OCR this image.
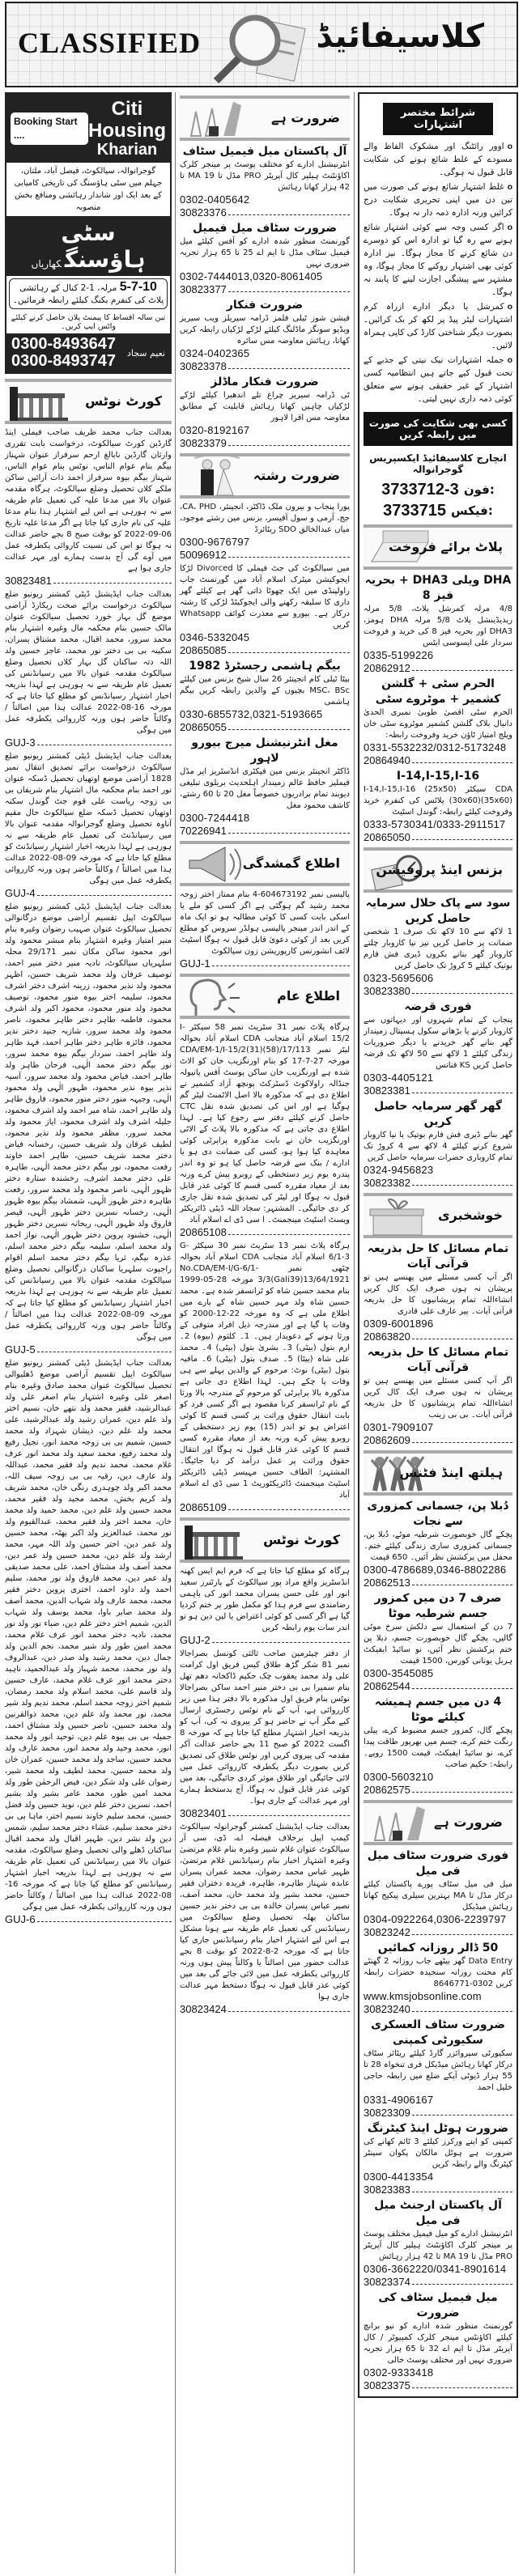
CLASSIFIED	کلاسیفائیڈ
Booking Start ....
Citi Housing
Kharian
گوجرانوالہ، سیالکوٹ، فیصل آباد، ملتان، جہلم میں سٹی ہاؤسنگ کی تاریخی کامیابی کے بعد ایک اور شاندار رہائشی ومنافع بخش منصوبہ
سٹی ہاؤسنگکھاریاں
5-7-10 مرلہ، 1-2 کنال کے رہائشی پلاٹ کی کنفرم بکنگ کیلئے رابطہ فرمائیں۔
تین سالہ اقساط کا پیمنٹ پلان حاصل کرنے کیلئے واٹس ایپ کریں۔
0300-8493647
0300-8493747	نعیم سجاد
کورٹ نوٹس
بعدالت جناب محمد ظریف صاحب فیملی اینڈ گارڈین کورٹ سیالکوٹ، درخواست بابت تقرری وارثان گارڈین نابالغ ارحم سرفراز عنوان شہناز بیگم بنام عوام الناس، نوٹس بنام عوام الناس، شہناز بیگم بیوہ سرفراز احمد ذات آرائیں ساکن ملکے کلاں تحصیل وضلع سیالکوٹ، ہرگاہ مقدمہ عنوان بالا میں مدعا علیہ کی تعمیل عام طریقہ سے نہ ہورہی ہے اس لیے اشتہار ہذا بنام مدعا علیہ کی نام جاری کیا جاتا ہے اگر مدعا علیہ تاریخ 06-09-2022 کو بوقت صبح 8 بجے حاضر عدالت نہ ہوگا تو اس کی نسبت کاروائی یکطرفہ عمل میں آوے گی آج بدست ہمارے اور مہر عدالت جاری ہوا ہے
30823481
بعدالت جناب ایڈیشنل ڈپٹی کمشنر ریونیو ضلع سیالکوٹ درخواست برائے صحت ریکارڈ آراضی موضع گل بہار خورد تحصیل سیالکوٹ عنوان مالک حسین بنام محکمہ مال وغیرہ اشتہار بنام محمد سرور، محمد اقبال، محمد مشتاق پسران، سکینہ بی بی دختر نور محمد، عاجز حسین ولد اللہ دتہ ساکنان گل بہار کلاں تحصیل وضلع سیالکوٹ مقدمہ عنوان بالا میں رسپانڈنس کی تعمیل عام طریقہ سے نہ ہورہی ہے لہذا بذریعہ اخبار اشتہار رسپانڈنس کو مطلع کیا جاتا ہے کہ مورخہ 16-08-2022 عدالت ہذا میں اصالتاً / وکالتاً حاضر ہوں ورنہ کارروائی یکطرفہ عمل میں ہوگی
GUJ-3
بعدالت جناب ایڈیشنل ڈپٹی کمشنر ریونیو ضلع سیالکوٹ درخواست برائے تصدیق انتقال نمبر 1828 آراضی موضع اوتھیاں تحصیل ڈسکہ عنوان نور احمد بنام محکمہ مال اشتہار بنام شریفاں بی بی زوجہ ریاست علی قوم جٹ گوندل سکنہ اوتھیاں تحصیل ڈسکہ ضلع سیالکوٹ حال مقیم آناوہ تحصیل وضلع گوجرانوالہ مقدمہ عنوان بالا میں رسپانڈنٹ کی تعمیل عام طریقہ سے نہ ہورہی ہے لہذا بذریعہ اخبار اشتہار رسپانڈنٹ کو مطلع کیا جاتا ہے کہ مورخہ 09-08-2022 عدالت ہذا میں اصالتاً / وکالتاً حاضر ہوں ورنہ کارروائی یکطرفہ عمل میں ہوگی
GUJ-4
بعدالت جناب ایڈیشنل ڈپٹی کمشنر ریونیو ضلع سیالکوٹ اپیل تقسیم آراضی موضع درگانوالی تحصیل سیالکوٹ عنوان صہیب رضوان وغیرہ بنام منیر امتیاز وغیرہ اشتہار بنام مبشر محمود ولد انور محمود ساکن مکان نمبر 29/171 محلہ سلہریاں سیالکوٹ، نادیہ منیر دختر منیر احمد، توصیف عرفان ولد محمد شریف حسین، اظہر محمود ولد نذیر محمود، زرینہ اشرف دختر اشرف محمود، سلیمہ اختر بیوہ منور محمود، توصیف محمود ولد منور محمود، محمود اکبر ولد اشرف محمود، فاطمہ طاہر دختر طاہر محمود، ناصر محمود ولد محمد سرور، شازیہ جنید دختر نذیر محمود، فائزہ طاہر دختر طاہر احمد، فہد طاہر ولد طاہر احمد، سردار بیگم بیوہ محمد سرور، نور بیگم دختر محمد الٰہی، فرحان طاہر ولد طاہر احمد، فیاض محمود ولد محمد سرور، آسیہ نذیر بیوہ نذیر محمود، ظہور الٰہی ولد محمود الٰہی، وجیہہ منور دختر منور محمود، فاروق طاہر ولد طاہر احمد، شاہ میر احمد ولد اشرف محمود، جلیلہ اشرف ولد اشرف محمود، ایاز محمود ولد محمد سرور، مظفر محمود ولد نذیر محمود، لطیف عرفان ولد شریف حسین، رخسانہ فیاض دختر محمد شریف حسین، طاہر احمد خاوند رفعت محمود، نور بیگم دختر محمد الٰہی، طاہرہ علی دختر محمد اشرف، رخشندہ ستارہ دختر ظہور الٰہی، ناصر محمود ولد محمد سرور، رفعت طاہرہ دختر ظہور الٰہی، شمشاد بیگم بیوہ ظہور الٰہی، رخسانہ نسرین دختر ظہور الٰہی، قیصر فاروق ولد ظہور الٰہی، ریحانہ نسرین دختر ظہور الٰہی، خشنود پروین دختر ظہور الٰہی، نواز احمد ولد محمد اسلم، سلیمہ بیگم دختر محمد اسلم، عذرہ بیگم، ثریا بیگم دختر محمد اسلم اقوام راجپوت سلہریا ساکنان درگانوالی تحصیل وضلع سیالکوٹ مقدمہ عنوان بالا میں رسپانڈنس کی تعمیل عام طریقہ سے نہ ہورہی ہے لہذا بذریعہ اخبار اشتہار رسپانڈنس کو مطلع کیا جاتا ہے کہ مورخہ 09-08-2022 عدالت ہذا میں اصالتاً / وکالتاً حاضر ہوں ورنہ کارروائی یکطرفہ عمل میں ہوگی
GUJ-5
بعدالت جناب ایڈیشنل ڈپٹی کمشنر ریونیو ضلع سیالکوٹ اپیل تقسیم آراضی موضع ڈھلیوالی تحصیل سیالکوٹ عنوان محمد صادق وغیرہ بنام اصغر علی وغیرہ اشتہار بنام اصغر علی ولد عبدالرشید، فقیر محمد ولد نتھے خان، نسیم اختر ولد علم دین، عمران رشید ولد عبدالرشید، علی محمد ولد علم دین، ذیشان شہزاد ولد محمد حسین، شمیم بی بی زوجہ محمد انور، نجیل رفیع ولد محمد رفیع، محمد سعید ولد محمد انور عرف غلام محمد، محمد ندیم ولد فقیر محمد، عبداللہ ولد عارف دین، رقیہ بی بی زوجہ سیف اللہ، محمد اکبر ولد چوہدری رنگی خان، محمد شریف ولد کریم بخش، محمد مجید ولد فقیر محمد، محمد حسین ولد علم دین، محمد حمید ولد محمد خان، محمد اختر ولد فقیر محمد، عبدالقیوم ولد نور محمد، عبدالعزیز ولد اکبر بھٹہ، محمد حسین ولد عمر دین، اختر حسین ولد اللہ مہر، محمد ارشد ولد علم دین، محمد حسین ولد عمر دین، محمد آصف ولد مشتاق احمد، علی محمد صدیقی ولد عمر دین، محمد فاروق ولد نور محمد، سلیم احمد ولد داود احمد، اختری پروین دختر فقیر محمد، محمد عارف ولد شہاب الدین، محمد آصف ولد محمد صابر باوا، محمد یوسف ولد شہاب الدین، شمیم اختر دختر علم دین، ضیاء نور ولد نور محمد، نادیہ دختر محمد انور عرف غلام محمد، محمد امین طور ولد شیر محمد، نجم الدین ولد جمال دین، محمد رشید ولد صدر دین، عبدالروف ولد نور محمد، محمد شہباز ولد عبدالحمید، ناہید دختر محمد انور عرف غلام محمد، عارف حسین ولد قاسم علی، محمد اسلام ولد محمد رمضان، شمیم اختر زوجہ محمد اسلم، محمد ندیم ولد شیر محمد، نور محمد ولد علم دین، محمد ذوالقرنین ولد محمد حسین، ناصر حسین ولد مشتاق احمد، جمیلہ بی بی بیوہ علم دین، توحید انور ولد محمد انور، محمد وحید ولد محمد انور، محمد عارف ولد محمد حسین، ساجد ولد محمد حسین، عمران خان ولد محمد حسین، محمد لطیف ولد محمد شیر، رضوان علی ولد شکر دین، فیض الرحمٰن طور ولد محمد امین طور، محمد عامر بشیر ولد بشیر احمد، نسرین دختر علم دین، نوید حسین ولد فضل حسین، محمد سلیم خاوند نسیم اختر، ماہا بی بی دختر محمد سلیم، عشاء دختر محمد سلیم، شمس دین ولد نشر دین، ظہیر اقبال ولد محمد اقبال ساکنان ڈھلے والی تحصیل وضلع سیالکوٹ، مقدمہ عنوان بالا میں رسپانڈنس کی تعمیل عام طریقہ سے نہ ہورہی ہے لہذا بذریعہ اخبار اشتہار رسپانڈنس کو مطلع کیا جاتا ہے کہ مورخہ 16-08-2022 عدالت ہذا میں اصالتاً / وکالتاً حاضر ہوں ورنہ کارروائی یکطرفہ عمل میں ہوگی
GUJ-6
ضرورت ہے
آل پاکستان میل فیمیل سٹاف
انٹرنیشنل ادارے کو مختلف پوسٹ پر مینجر کلرک اکاؤنٹنٹ ہیلپر کال آپریٹر PRO مڈل تا MA 19 تا 42 ہزار کھانا رہائش
0302-0405642
30823376
ضرورت سٹاف میل فیمیل
گورنمنٹ منظور شدہ ادارے کو آفس کیلئے میل فیمیل سٹاف مڈل تا ایم اے 25 تا 65 ہزار تجربہ ضروری نہیں
0302-7444013,0320-8061405
30823377
ضرورت فنکار
فیشن شوز ٹیلی فلمز ڈرامہ سیریلز ویب سیریز ویڈیو سونگز ماڈلنگ کیلئے لڑکے لڑکیاں رابطہ کریں کھانا، رہائش معاوضہ مس سائرہ
0324-0402365
30823378
ضرورت فنکار ماڈلز
ٹی ڈرامہ سیریز چراغ تلے اندھیرا کیلئے لڑکے لڑکیاں چاہیں کھانا رہائش قابلیت کے مطابق معاوضہ مس اقرا لاہور
0320-8192167
30823379
ضرورت رشتہ
پورا پنجاب و بیرون ملک ڈاکٹر، انجینئر، CA، PHD، جج، آرمی و سول آفیسر، بزنس مین رشتے موجود، میاں عبدالخالق SDO ریٹائرڈ
0300-9676797
50096912
میں سیالکوٹ کی جٹ فیملی کا Divorced لڑکا ایجوکیشن میٹرک اسلام آباد میں گورنمنٹ جاب راولپنڈی میں ایک چھوٹا ذاتی گھر ہے کیلئے گھر داری کا سلیقہ رکھنے والی ایجوکیٹڈ لڑکی کا رشتہ درکار ہے۔ بیورو سے معذرت کوائف Whatsapp کریں
0346-5332045
20865085
بیگم ہاشمی رجسٹرڈ 1982
بیٹا ٹیلی کام انجینئر 26 سال شیخ بزنس مین کیلئے MSC، BSc بچیوں کے والدین رابطہ کریں بیگم ہاشمی
0330-6855732,0321-5193665
20865055
مغل انٹرنیشنل میرج بیورو لاہور
ڈاکٹر انجینئر بزنس مین فیکٹری انڈسٹریز اپر مڈل فیملیز حافظ عالم زمیندار اہلحدیث بریلوی تبلیغی دیوبند تمام برادریوں خصوصاً مغل 20 تا 60 رشتے، کاشف محمود مغل
0300-7244418
70226941
اطلاع گمشدگی
پالیسی نمبر 604673192-4 بنام ممتاز اختر زوجہ محمد رشید گم ہوگئی ہے اگر کسی کو ملے یا اسکی بابت کسی کا کوئی مطالبہ ہو تو ایک ماہ کے اندر اندر مینجر پالیسی ہولڈر سروس کو مطلع کریں بعد از کوئی دعویٰ قابل قبول نہ ہوگا اسٹیٹ لائف انشورنس کارپوریشن زون سیالکوٹ
GUJ-1
اطلاع عام
ہرگاہ پلاٹ نمبر 31 سٹریٹ نمبر 58 سیکٹر I-15/2 اسلام آباد منجانب CDA اسلام آباد بحوالہ لیٹر نمبر CDA/EM-1/I-15/2(31)(58)/17/113 مورخہ 27-7-17 کو بنام اورنگزیب خان کو الاٹ شدہ ہے اورنگزیب خان ساکن پوسٹ آفس پانیولہ جنڈالہ راولاکوٹ ڈسٹرکٹ پونچھ آزاد کشمیر نے اطلاع دی ہے کہ مذکورہ بالا اصل الاٹمنٹ لیٹر گم ہوگیا ہے اور اس کی تصدیق شدہ نقل CTC حاصل کرنے کیلئے دفتر سے رجوع کیا ہے۔ لہذا اطلاع دی جاتی ہے کہ مذکورہ بالا پلاٹ کے الاٹی اورنگزیب خان نے بابت مذکورہ پراپرٹی کوئی معاہدہ کیا ہوا ہو، کسی کی ضمانت دی ہو یا ادارے / بنک سے قرضہ حاصل کیا ہو تو وہ اندر پندرہ یوم زیر دستخطی کے روبرو پیش کرے ورنہ بعد از معیاد مقررہ کسی قسم کا کوئی عذر قابل قبول نہ ہوگا اور لیٹر کی تصدیق شدہ نقل جاری کر دی جائیگی۔ المشتہر: سجاد اللہ ڈپٹی ڈائریکٹر ویسٹ اسٹیٹ مینجمنٹ۔ ا سی ڈی اے اسلام آباد
20865108
ہرگاہ پلاٹ نمبر 13 سٹریٹ نمبر 30 سیکٹر G-6/1-3 اسلام آباد منجانب CDA اسلام آباد بحوالہ چٹھی نمبر No.CDA/EM-I/G-6/1-3/3(Gali39)13/64/1921 مورخہ 28-05-1999 بنام محمد حسین شاہ کو ٹرانسفر شدہ ہے۔ محمد حسین شاہ ولد مہر حسین شاہ کے بارے میں اطلاع ملی ہے کہ وہ مورخہ 22-12-2000 کو وفات پا گیا ہے اور مندرجہ ذیل افراد متوفی کے ورثا ہونے کے دعویدار ہیں۔ 1۔ کلثوم (بیوہ) 2۔ ارم بتول (بیٹی) 3۔ بشریٰ بتول (بیٹی) 4۔ محمد علی شاہ (بیٹا) 5۔ صدف بتول (بیٹی) 6۔ مافیہ بتول (بیٹی) نوٹ: مرحوم کے والدین پہلے سے ہی وفات پا چکے ہیں۔ لہذا اطلاع دی جاتی ہے مذکورہ بالا پراپرٹی کو مرحوم کے مندرجہ بالا ورثا کے نام ٹرانسفر کرنا مقصود ہے اگر کسی فرد کو بابت انتقال حقوق وراثت پر کسی قسم کا کوئی اعتراض ہو تو اندر (15) یوم زیر دستخطی کے روبرو پیش کرے ورنہ بعد از معیاد مقررہ کسی قسم کا کوئی عذر قابل قبول نہ ہوگا اور انتقال حقوق وراثت پر عمل درآمد کر دیا جائیگا۔ المشتہر: الطاف حسین مہیسر ڈپٹی ڈائریکٹر اسٹیٹ مینجمنٹ ڈائریکٹوریٹ 1 سی ڈی اے اسلام آباد
20865109
کورٹ نوٹس
ہرگاہ کو مطلع کیا جاتا ہے کہ فرم ایم ایس کھنہ انڈسٹریز واقع مراد پور سیالکوٹ کے پارٹنرز سعید انور اور علی حسن پسران محمد انور کی باہمی رضامندی سے فرم ہذا کو مکمل طور پر ختم کردیا گیا ہے اگر کسی کو کوئی اعتراض یا لین دین ہو تو اندر سات یوم رابطہ کریں
GUJ-2
از دفتر چیئرمین صاحب ثالثی کونسل بصراجالا نمبر 81 شکر گڑھ طلاق کیس فریق اول کرامت علی ولد محمد یعقوب چک حکیم ڈاکخانہ دھم تھل بنام سمیرا بی بی دختر منیر احمد ساکن بصراجالا نوٹس بنام فریق اول مذکورہ بالا دفتر ہذا میں زیر کارروائی ہے، آپ کے نام نوٹس رجسٹری ارسال کیے مگر آپ نے حاضر ہو کر پیروی نہ کی، آپ کو بذریعہ اخبار اشتہار مطلع کیا جاتا ہے کہ مورخہ 8 اگست 2022 کو صبح 11 بجے حاضر عدالت آکر مقدمہ کی پیروی کریں اور نوٹس طلاق کی تصدیق کریں بصورت دیگر یکطرفہ کارروائی عمل میں لائی جائیگی اور طلاق موثر کردی جائیگی، بعد میں کوئی عذر قابل قبول نہ ہوگا، آج بدستخط ہمارے اور مہر عدالت کے جاری ہوا۔
30823401
بعدالت جناب ایڈیشنل کمشنر گوجرانولہ سیالکوٹ کیمپ اپیل برخلاف فیصلہ اے، ڈی، سی آر سیالکوٹ عنوان غلام شبیر وغیرہ بنام غلام مرتضیٰ وغیرہ اشتہار اخبار بنام رسپانڈنس غلام مرتضیٰ، ظہیر عباس محمد رضوان، محمد عمران پسران عابدہ شہناز طاہرہ، ظاہرہ، فریدہ دختران فقیر حسین، محمد بشیر ولد محمد خان، محمد آصف، نصیر عباس پسران خالدہ بی بی دختر نذیر حسین ساکنان بھلہ تحصیل وضلع سیالکوٹ میں رسپانڈنس کی تعمیل عام طریقہ سے ہونا مشکل ہے اس لیے اشتہار اخبار بنام رسپانڈنس جاری کیا جاتا ہے کہ مورخہ 2-8-2022 کو بوقت 8 بجے عدالت حضور میں اصالتاً یا وکالتاً پیش ہوں ورنہ کارروائی یکطرفہ عمل میں لائی جائے گی بعد میں کوئی عذر قابل قبول نہ ہوگا دستخط مہر عدالت جاری ہوا
30823424
شرائط مختصر اشتہارات
o اوور رائٹنگ اور مشکوک الفاظ والے مسودے کے غلط شائع ہونے کی شکایت قابل قبول نہ ہوگی۔
o غلط اشتہار شائع ہونے کی صورت میں تین دن میں اپنی تحریری شکایت درج کرائیں ورنہ ادارہ ذمہ دار نہ ہوگا۔
o اگر کسی وجہ سے کوئی اشتہار شائع ہونے سے رہ گیا تو ادارہ اس کو دوسرے دن شائع کرنے کا مجاز ہوگا۔ نیز ادارہ کوئی بھی اشتہار روکنے کا مجاز ہوگا، وہ مشتہر سے پیشگی اجازت لینے کا پابند نہ ہوگا۔
o کمرشل یا دیگر ادارے ازراہ کرم اشتہارات لیٹر پیڈ پر لکھ کر بک کرائیں۔ بصورت دیگر شناختی کارڈ کی کاپی ہمراہ لائیں۔
o جملہ اشتہارات نیک نیتی کے جذبے کے تحت قبول کیے جاتے ہیں انتظامیہ کسی اشتہار کے غیر حقیقی ہونے سے متعلق کوئی ذمہ داری نہیں لیتی۔
کسی بھی شکایت کی صورت میں رابطہ کریں
انچارج کلاسیفائیڈ ایکسپریس گوجرانوالہ
3733712-3 فون:
3733715 فیکس:
پلاٹ برائے فروخت
DHA ویلی DHA3 + بحریہ فیز 8
4/8 مرلہ کمرشل پلاٹ، 5/8 مرلہ ریذیڈینشل پلاٹ 5/8 مرلہ DHA ہومز، DHA3 اور بحریہ فیز 8 کی خرید و فروخت سردار علی ایسوسی ایٹس
0335-5199226
20862912
الحرم سٹی + گلشن کشمیر + موٹروے سٹی
الحرم سٹی اقصیٰ طوبیٰ نمبری الحدیٰ دانیال بلاک گلشن کشمیر موٹروے سٹی خان ویلج امتیاز ٹاؤن خرید وفروخت رابطہ:
0331-5532232/0312-5173248
20864940
I-14,I-15,I-16
CDA سیکٹر I-14,I-15,I-16 (25x50)(30x60)(35x60) پلاٹس کی کنفرم خرید وفروخت کیلئے رابطہ: گوندل اسٹیٹ
0333-5730341/0333-2911517
20865050
بزنس اینڈ پروفیشن
سود سے پاک حلال سرمایہ حاصل کریں
1 لاکھ سے 10 لاکھ تک صرف 1 شخصی ضمانت پر حاصل کریں نیز نیا کاروبار چلتے کاروبار گھر بنانے بکروں ڈیری فش فارم بوتیک کیلئے 5 کروڑ تک حاصل کریں
0323-5695606
30823380
فوری قرضہ
پنجاب کے تمام شہروں اور دیہاتوں سے کاروبار کرنے یا بڑھانے سکول ہسپتال زمیندار گھر بنانے گھر خریدنے یا دیگر ضروریات زندگی کیلئے 1 لاکھ سے 50 لاکھ تک قرضہ حاصل کریں KS فنانس
0303-4405121
30823381
گھر گھر سرمایہ حاصل کریں
گھر بنانے ڈیری فش فارم بوتیک یا نیا کاروبار شروع کرنے کیلئے 4 لاکھ سے 4 کروڑ تک تمام کاروباری حضرات سرمایہ حاصل کریں
0324-9456823
30823382
خوشخبری
تمام مسائل کا حل بذریعہ قرآنی آیات
اگر آپ کسی مسئلے میں پھنسے ہیں تو پریشان نہ ہوں صرف ایک کال کریں انشاءاللہ تمام پریشانیوں کا حل بذریعہ قرآنی آیات۔ پیر عارف علی قادری
0309-6001896
20863820
تمام مسائل کا حل بذریعہ قرآنی آیات
اگر آپ کسی مسئلے میں پھنسے ہیں تو پریشان نہ ہوں صرف ایک کال کریں انشاءاللہ تمام پریشانیوں کا حل بذریعہ قرآنی آیات۔ بی بی زینب
0301-7909107
20862609
ہیلتھ اینڈ فٹنس
دُبلا پن، جسمانی کمزوری سے نجات
پچکے گال خوبصورت شرطیہ موٹے، دُبلا پن، جسمانی کمزوری ساری زندگی کیلئے ختم۔ محفل میں پرکشش نظر آئیں۔ 650 قیمت
0300-4786689,0346-8802286
20862513
صرف 7 دن میں کمزور جسم شرطیہ موٹا
7 دن کے استعمال سے دلکش سرخ موٹی گالیں، پچکے گال خوبصورت جسم، دبلا پن ختم پرکشش نظر آئیں، نو سائیڈ ایفیکٹ ہربل یونانی کورس، 1500 قیمت
0300-3545085
20862544
4 دن میں جسم ہمیشہ کیلئے موٹا
پچکے گال، کمزور جسم مضبوط کرے، پیلی رنگت ختم کرے، جسم میں بھرپور طاقت پیدا کرے، نو سائیڈ ایفیکٹ، قیمت 1500 روپے۔ رابطہ: حکیم صاحب
0300-5603210
20862575
ضرورت ہے
فوری ضرورت سٹاف میل فی میل
میل فی میل سٹاف پورے پاکستان کیلئے درکار مڈل تا MA بہترین سیلری پیکیج کھانا رہائش میڈیکل
0304-0922264,0306-2239797
30823242
50 ڈالر روزانہ کمائیں
Data Entry گھر بیٹھے جاب روزانہ 2 گھنٹے کام محنت روزانہ سنجیدہ حضرات رابطہ کریں 0302-8646771
www.kmsjobsonline.com
30823240
ضرورت سٹاف العسکری سکیورٹی کمپنی
سکیورٹی سپروائزر گارڈ کیلئے ریٹائر سٹاف درکار کھانا رہائش میڈیکل فری تنخواہ 28 تا 55 ہزار ڈیوٹی آپکے ضلع میں رابطہ حاجی خلیل احمد
0331-4906167
30823309
ضرورت ہوٹل اینڈ کیٹرنگ
کمپنی کو اپنے ورکرز کیلئے 3 ٹائم کھانے کی ضرورت ہے ہوٹل مالکان پکوان سینٹر کیٹرنگ والے رابطہ کریں
0300-4413354
30823383
آل پاکستان ارجنٹ میل فی میل
انٹرنیشنل ادارے کو میل فیمیل مختلف پوسٹ پر مینجر کلرک اکاؤنٹنٹ ہیلپر کال آپریٹر PRO مڈل تا MA 19 تا 42 ہزار رہائش
0306-3662220/0341-8901614
30823374
میل فیمیل سٹاف کی ضرورت
گورنمنٹ منظور شدہ ادارے کو نیو برانچ کیلئے اکاؤنٹس مینجر کلرک کمپیوٹر / کال آپریٹر مڈل تا ایم اے 32 تا 65 ہزار تجربہ ضروری نہیں اور مختلف پوسٹ خالی
0302-9333418
30823375
